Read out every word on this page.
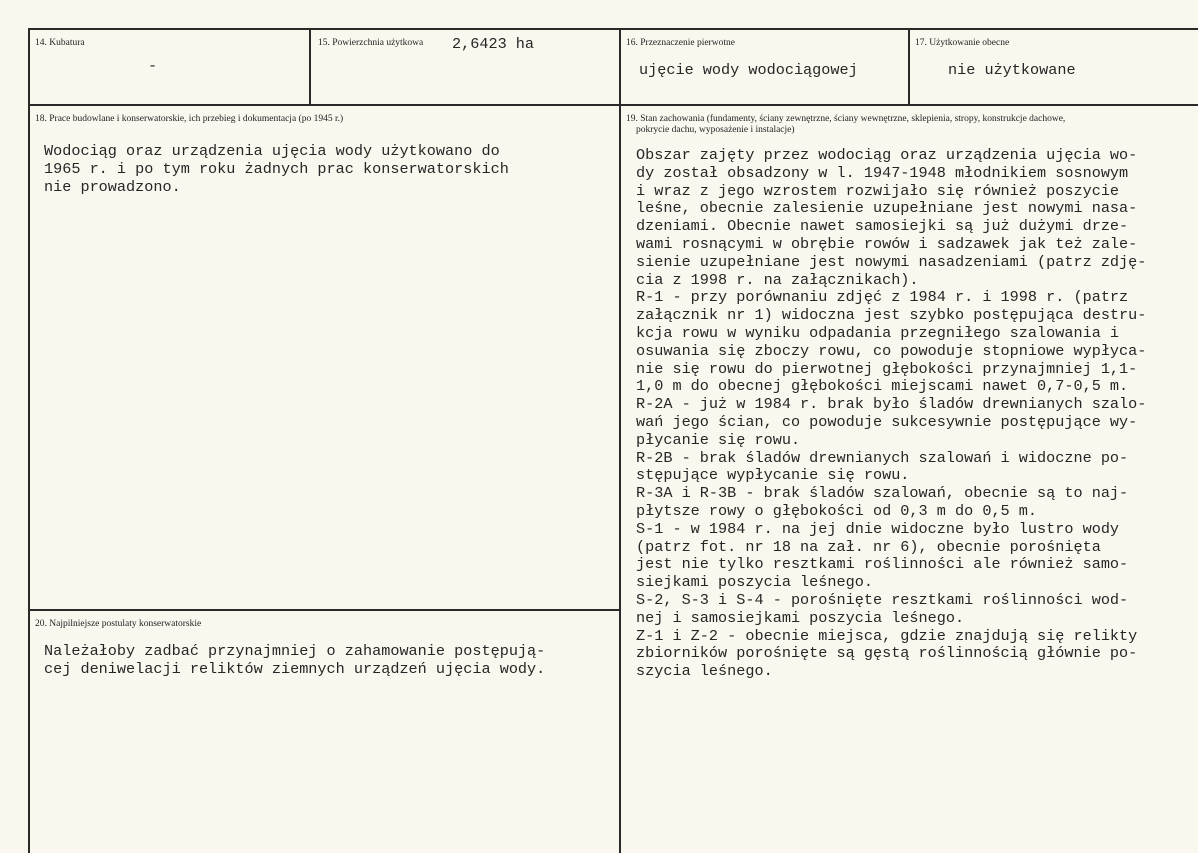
14. Kubatura
-
15. Powierzchnia użytkowa 2,6423 ha	16. Przeznaczenie pierwotne
ujęcie wody wodociągowej
17. Użytkowanie obecne
nie użytkowane
18. Prace budowlane i konserwatorskie, ich przebieg i dokumentacja (po 1945 r.)
Wodociąg oraz urządzenia ujęcia wody użytkowano do
1965 r. i po tym roku żadnych prac konserwatorskich
nie prowadzono.
19. Stan zachowania (fundamenty, ściany zewnętrzne, ściany wewnętrzne, sklepienia, stropy, konstrukcje dachowe,
pokrycie dachu, wyposażenie i instalacje)
Obszar zajęty przez wodociąg oraz urządzenia ujęcia wo-
dy został obsadzony w l. 1947-1948 młodnikiem sosnowym
i wraz z jego wzrostem rozwijało się również poszycie
leśne, obecnie zalesienie uzupełniane jest nowymi nasa-
dzeniami. Obecnie nawet samosiejki są już dużymi drze-
wami rosnącymi w obrębie rowów i sadzawek jak też zale-
sienie uzupełniane jest nowymi nasadzeniami (patrz zdję-
cia z 1998 r. na załącznikach).
R-1 - przy porównaniu zdjęć z 1984 r. i 1998 r. (patrz
załącznik nr 1) widoczna jest szybko postępująca destru-
kcja rowu w wyniku odpadania przegniłego szalowania i
osuwania się zboczy rowu, co powoduje stopniowe wypłyca-
nie się rowu do pierwotnej głębokości przynajmniej 1,1-
1,0 m do obecnej głębokości miejscami nawet 0,7-0,5 m.
R-2A - już w 1984 r. brak było śladów drewnianych szalo-
wań jego ścian, co powoduje sukcesywnie postępujące wy-
płycanie się rowu.
R-2B - brak śladów drewnianych szalowań i widoczne po-
stępujące wypłycanie się rowu.
R-3A i R-3B - brak śladów szalowań, obecnie są to naj-
płytsze rowy o głębokości od 0,3 m do 0,5 m.
S-1 - w 1984 r. na jej dnie widoczne było lustro wody
(patrz fot. nr 18 na zał. nr 6), obecnie porośnięta
jest nie tylko resztkami roślinności ale również samo-
siejkami poszycia leśnego.
S-2, S-3 i S-4 - porośnięte resztkami roślinności wod-
nej i samosiejkami poszycia leśnego.
Z-1 i Z-2 - obecnie miejsca, gdzie znajdują się relikty
zbiorników porośnięte są gęstą roślinnością głównie po-
szycia leśnego.
20. Najpilniejsze postulaty konserwatorskie
Należałoby zadbać przynajmniej o zahamowanie postępują-
cej deniwelacji reliktów ziemnych urządzeń ujęcia wody.
